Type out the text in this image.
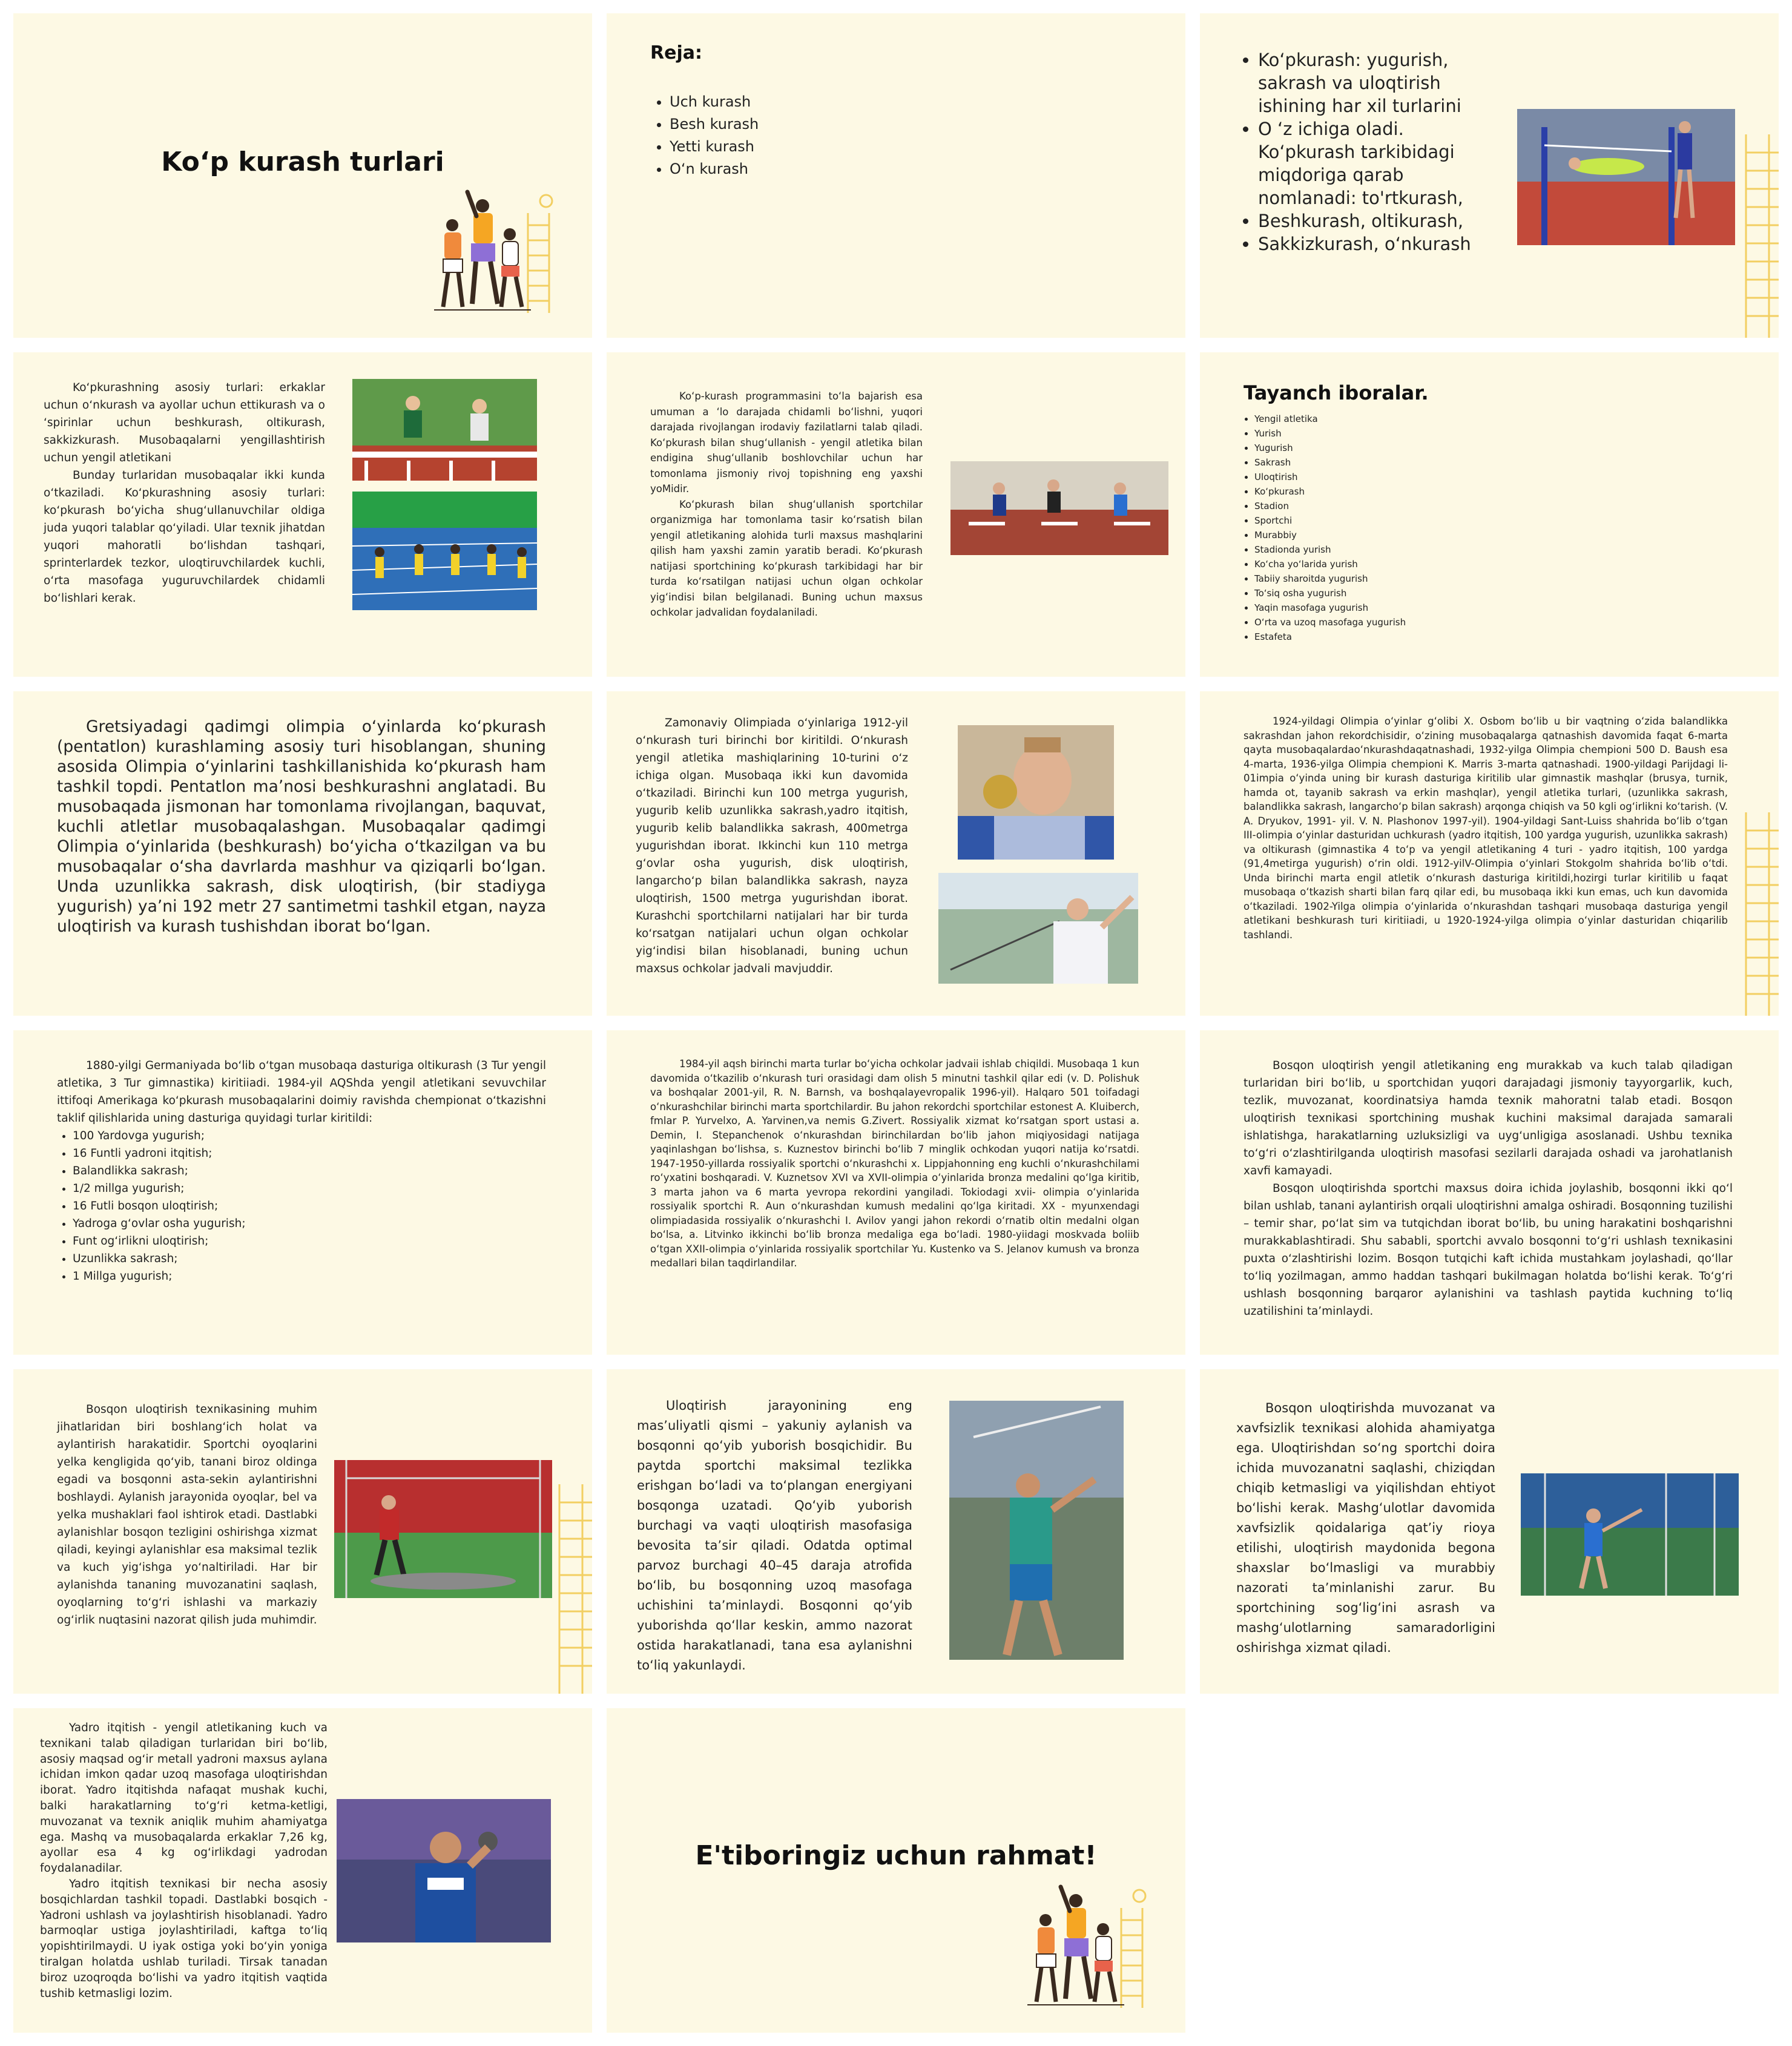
Koʻp kurash turlari
Reja:
• Uch kurash
• Besh kurash
• Yetti kurash
• O‘n kurash
• Koʻpkurash: yugurish, sakrash va uloqtirish ishining har xil turlarini
• O ‘z ichiga oladi. Koʻpkurash tarkibidagi miqdoriga qarab nomlanadi: to'rtkurash,
• Beshkurash, oltikurash,
• Sakkizkurash, oʻnkurash

Koʻpkurashning asosiy turlari: erkaklar uchun oʻnkurash va ayollar uchun ettikurash va o ʻspirinlar uchun beshkurash, oltikurash, sakkizkurash. Musobaqalarni yengillashtirish uchun yengil atletikani

Bunday turlaridan musobaqalar ikki kunda oʻtkaziladi. Koʻpkurashning asosiy turlari: koʻpkurash boʻyicha shugʻullanuvchilar oldiga juda yuqori talablar qoʻyiladi. Ular texnik jihatdan yuqori mahoratli boʻlishdan tashqari, sprinterlardek tezkor, uloqtiruvchilardek kuchli, oʻrta masofaga yuguruvchilardek chidamli boʻlishlari kerak.

Koʻp-kurash programmasini toʻla bajarish esa umuman a ʻlo darajada chidamli boʻlishni, yuqori darajada rivojlangan irodaviy fazilatlarni talab qiladi. Koʻpkurash bilan shugʻullanish - yengil atletika bilan endigina shugʻullanib boshlovchilar uchun har tomonlama jismoniy rivoj topishning eng yaxshi yoMidir.

Koʻpkurash bilan shugʻullanish sportchilar organizmiga har tomonlama tasir koʻrsatish bilan yengil atletikaning alohida turli maxsus mashqlarini qilish ham yaxshi zamin yaratib beradi. Koʻpkurash natijasi sportchining koʻpkurash tarkibidagi har bir turda koʻrsatilgan natijasi uchun olgan ochkolar yigʻindisi bilan belgilanadi. Buning uchun maxsus ochkolar jadvalidan foydalaniladi.

Tayanch iboralar.
• Yengil atletika
• Yurish
• Yugurish
• Sakrash
• Uloqtirish
• Koʻpkurash
• Stadion
• Sportchi
• Murabbiy
• Stadionda yurish
• Koʻcha yoʻlarida yurish
• Tabiiy sharoitda yugurish
• Toʻsiq osha yugurish
• Yaqin masofaga yugurish
• Oʻrta va uzoq masofaga yugurish
• Estafeta

Gretsiyadagi qadimgi olimpia oʻyinlarda koʻpkurash (pentatlon) kurashlaming asosiy turi hisoblangan, shuning asosida Olimpia oʻyinlarini tashkillanishida koʻpkurash ham tashkil topdi. Pentatlon maʼnosi beshkurashni anglatadi. Bu musobaqada jismonan har tomonlama rivojlangan, baquvat, kuchli atletlar musobaqalashgan. Musobaqalar qadimgi Olimpia oʻyinlarida (beshkurash) boʻyicha oʻtkazilgan va bu musobaqalar oʻsha davrlarda mashhur va qiziqarli boʻlgan. Unda uzunlikka sakrash, disk uloqtirish, (bir stadiyga yugurish) yaʼni 192 metr 27 santimetmi tashkil etgan, nayza uloqtirish va kurash tushishdan iborat boʻlgan.

Zamonaviy Olimpiada oʻyinlariga 1912-yil oʻnkurash turi birinchi bor kiritildi. Oʻnkurash yengil atletika mashiqlarining 10-turini oʻz ichiga olgan. Musobaqa ikki kun davomida oʻtkaziladi. Birinchi kun 100 metrga yugurish, yugurib kelib uzunlikka sakrash,yadro itqitish, yugurib kelib balandlikka sakrash, 400metrga yugurishdan iborat. Ikkinchi kun 110 metrga gʻovlar osha yugurish, disk uloqtirish, langarchoʻp bilan balandlikka sakrash, nayza uloqtirish, 1500 metrga yugurishdan iborat. Kurashchi sportchilarni natijalari har bir turda koʻrsatgan natijalari uchun olgan ochkolar yigʻindisi bilan hisoblanadi, buning uchun maxsus ochkolar jadvali mavjuddir.

1924-yildagi Olimpia oʻyinlar gʻolibi X. Osbom boʻlib u bir vaqtning oʻzida balandlikka sakrashdan jahon rekordchisidir, oʻzining musobaqalarga qatnashish davomida faqat 6-marta qayta musobaqalardaoʻnkurashdaqatnashadi, 1932-yilga Olimpia chempioni 500 D. Baush esa 4-marta, 1936-yilga Olimpia chempioni K. Marris 3-marta qatnashadi. 1900-yildagi Parijdagi li-01impia oʻyinda uning bir kurash dasturiga kiritilib ular gimnastik mashqlar (brusya, turnik, hamda ot, tayanib sakrash va erkin mashqlar), yengil atletika turlari, (uzunlikka sakrash, balandlikka sakrash, langarchoʻp bilan sakrash) arqonga chiqish va 50 kgli ogʻirlikni koʻtarish. (V. A. Dryukov, 1991- yil. V. N. Plashonov 1997-yil). 1904-yildagi Sant-Luiss shahrida boʻlib oʻtgan III-olimpia oʻyinlar dasturidan uchkurash (yadro itqitish, 100 yardga yugurish, uzunlikka sakrash) va oltikurash (gimnastika 4 toʻp va yengil atletikaning 4 turi - yadro itqitish, 100 yardga (91,4metirga yugurish) oʻrin oldi. 1912-yilV-Olimpia oʻyinlari Stokgolm shahrida boʻlib oʻtdi. Unda birinchi marta engil atletik oʻnkurash dasturiga kiritildi,hozirgi turlar kiritilib u faqat musobaqa oʻtkazish sharti bilan farq qilar edi, bu musobaqa ikki kun emas, uch kun davomida oʻtkaziladi. 1902-Yilga olimpia oʻyinlarida oʻnkurashdan tashqari musobaqa dasturiga yengil atletikani beshkurash turi kiritiiadi, u 1920-1924-yilga olimpia oʻyinlar dasturidan chiqarilib tashlandi.

1880-yilgi Germaniyada boʻlib oʻtgan musobaqa dasturiga oltikurash (3 Tur yengil atletika, 3 Tur gimnastika) kiritiiadi. 1984-yil AQShda yengil atletikani sevuvchilar ittifoqi Amerikaga koʻpkurash musobaqalarini doimiy ravishda chempionat oʻtkazishni taklif qilishlarida uning dasturiga quyidagi turlar kiritildi:

• 100 Yardovga yugurish;
• 16 Funtli yadroni itqitish;
• Balandlikka sakrash;
• 1/2 millga yugurish;
• 16 Futli bosqon uloqtirish;
• Yadroga gʻovlar osha yugurish;
• Funt ogʻirlikni uloqtirish;
• Uzunlikka sakrash;
• 1 Millga yugurish;

1984-yil aqsh birinchi marta turlar boʻyicha ochkolar jadvaii ishlab chiqildi. Musobaqa 1 kun davomida oʻtkazilib oʻnkurash turi orasidagi dam olish 5 minutni tashkil qilar edi (v. D. Polishuk va boshqalar 2001-yil, R. N. Barnsh, va boshqalayevropalik 1996-yil). Halqaro 501 toifadagi oʻnkurashchilar birinchi marta sportchilardir. Bu jahon rekordchi sportchilar estonest A. Kluiberch, fmlar P. Yurvelxo, A. Yarvinen,va nemis G.Zivert. Rossiyalik xizmat koʻrsatgan sport ustasi a. Demin, I. Stepanchenok oʻnkurashdan birinchilardan boʻlib jahon miqiyosidagi natijaga yaqinlashgan boʻlishsa, s. Kuznestov birinchi boʻlib 7 minglik ochkodan yuqori natija koʻrsatdi. 1947-1950-yillarda rossiyalik sportchi oʻnkurashchi x. Lippjahonning eng kuchli oʻnkurashchilami roʻyxatini boshqaradi. V. Kuznetsov XVI va XVII-olimpia oʻyinlarida bronza medalini qoʻlga kiritib, 3 marta jahon va 6 marta yevropa rekordini yangiladi. Tokiodagi xvii- olimpia oʻyinlarida rossiyalik sportchi R. Aun oʻnkurashdan kumush medalini qoʻlga kiritadi. XX - myunxendagi olimpiadasida rossiyalik oʻnkurashchi I. Avilov yangi jahon rekordi oʻrnatib oltin medalni olgan boʻlsa, a. Litvinko ikkinchi boʻlib bronza medaliga ega boʻladi. 1980-yiidagi moskvada boliib oʻtgan XXII-olimpia oʻyinlarida rossiyalik sportchilar Yu. Kustenko va S. Jelanov kumush va bronza medallari bilan taqdirlandilar.

Bosqon uloqtirish yengil atletikaning eng murakkab va kuch talab qiladigan turlaridan biri boʻlib, u sportchidan yuqori darajadagi jismoniy tayyorgarlik, kuch, tezlik, muvozanat, koordinatsiya hamda texnik mahoratni talab etadi. Bosqon uloqtirish texnikasi sportchining mushak kuchini maksimal darajada samarali ishlatishga, harakatlarning uzluksizligi va uygʻunligiga asoslanadi. Ushbu texnika toʻgʻri oʻzlashtirilganda uloqtirish masofasi sezilarli darajada oshadi va jarohatlanish xavfi kamayadi.

Bosqon uloqtirishda sportchi maxsus doira ichida joylashib, bosqonni ikki qoʻl bilan ushlab, tanani aylantirish orqali uloqtirishni amalga oshiradi. Bosqonning tuzilishi – temir shar, poʻlat sim va tutqichdan iborat boʻlib, bu uning harakatini boshqarishni murakkablashtiradi. Shu sababli, sportchi avvalo bosqonni toʻgʻri ushlash texnikasini puxta oʻzlashtirishi lozim. Bosqon tutqichi kaft ichida mustahkam joylashadi, qoʻllar toʻliq yozilmagan, ammo haddan tashqari bukilmagan holatda boʻlishi kerak. Toʻgʻri ushlash bosqonning barqaror aylanishini va tashlash paytida kuchning toʻliq uzatilishini taʼminlaydi.

Bosqon uloqtirish texnikasining muhim jihatlaridan biri boshlangʻich holat va aylantirish harakatidir. Sportchi oyoqlarini yelka kengligida qoʻyib, tanani biroz oldinga egadi va bosqonni asta-sekin aylantirishni boshlaydi. Aylanish jarayonida oyoqlar, bel va yelka mushaklari faol ishtirok etadi. Dastlabki aylanishlar bosqon tezligini oshirishga xizmat qiladi, keyingi aylanishlar esa maksimal tezlik va kuch yigʻishga yoʻnaltiriladi. Har bir aylanishda tananing muvozanatini saqlash, oyoqlarning toʻgʻri ishlashi va markaziy ogʻirlik nuqtasini nazorat qilish juda muhimdir.

Uloqtirish jarayonining eng masʼuliyatli qismi – yakuniy aylanish va bosqonni qoʻyib yuborish bosqichidir. Bu paytda sportchi maksimal tezlikka erishgan boʻladi va toʻplangan energiyani bosqonga uzatadi. Qoʻyib yuborish burchagi va vaqti uloqtirish masofasiga bevosita taʼsir qiladi. Odatda optimal parvoz burchagi 40–45 daraja atrofida boʻlib, bu bosqonning uzoq masofaga uchishini taʼminlaydi. Bosqonni qoʻyib yuborishda qoʻllar keskin, ammo nazorat ostida harakatlanadi, tana esa aylanishni toʻliq yakunlaydi.

Bosqon uloqtirishda muvozanat va xavfsizlik texnikasi alohida ahamiyatga ega. Uloqtirishdan soʻng sportchi doira ichida muvozanatni saqlashi, chiziqdan chiqib ketmasligi va yiqilishdan ehtiyot boʻlishi kerak. Mashgʻulotlar davomida xavfsizlik qoidalariga qatʼiy rioya etilishi, uloqtirish maydonida begona shaxslar boʻlmasligi va murabbiy nazorati taʼminlanishi zarur. Bu sportchining sogʻligʻini asrash va mashgʻulotlarning samaradorligini oshirishga xizmat qiladi.

Yadro itqitish - yengil atletikaning kuch va texnikani talab qiladigan turlaridan biri boʻlib, asosiy maqsad ogʻir metall yadroni maxsus aylana ichidan imkon qadar uzoq masofaga uloqtirishdan iborat. Yadro itqitishda nafaqat mushak kuchi, balki harakatlarning toʻgʻri ketma-ketligi, muvozanat va texnik aniqlik muhim ahamiyatga ega. Mashq va musobaqalarda erkaklar 7,26 kg, ayollar esa 4 kg ogʻirlikdagi yadrodan foydalanadilar.

Yadro itqitish texnikasi bir necha asosiy bosqichlardan tashkil topadi. Dastlabki bosqich - Yadroni ushlash va joylashtirish hisoblanadi. Yadro barmoqlar ustiga joylashtiriladi, kaftga toʻliq yopishtirilmaydi. U iyak ostiga yoki boʻyin yoniga tiralgan holatda ushlab turiladi. Tirsak tanadan biroz uzoqroqda boʻlishi va yadro itqitish vaqtida tushib ketmasligi lozim.

E'tiboringiz uchun rahmat!
